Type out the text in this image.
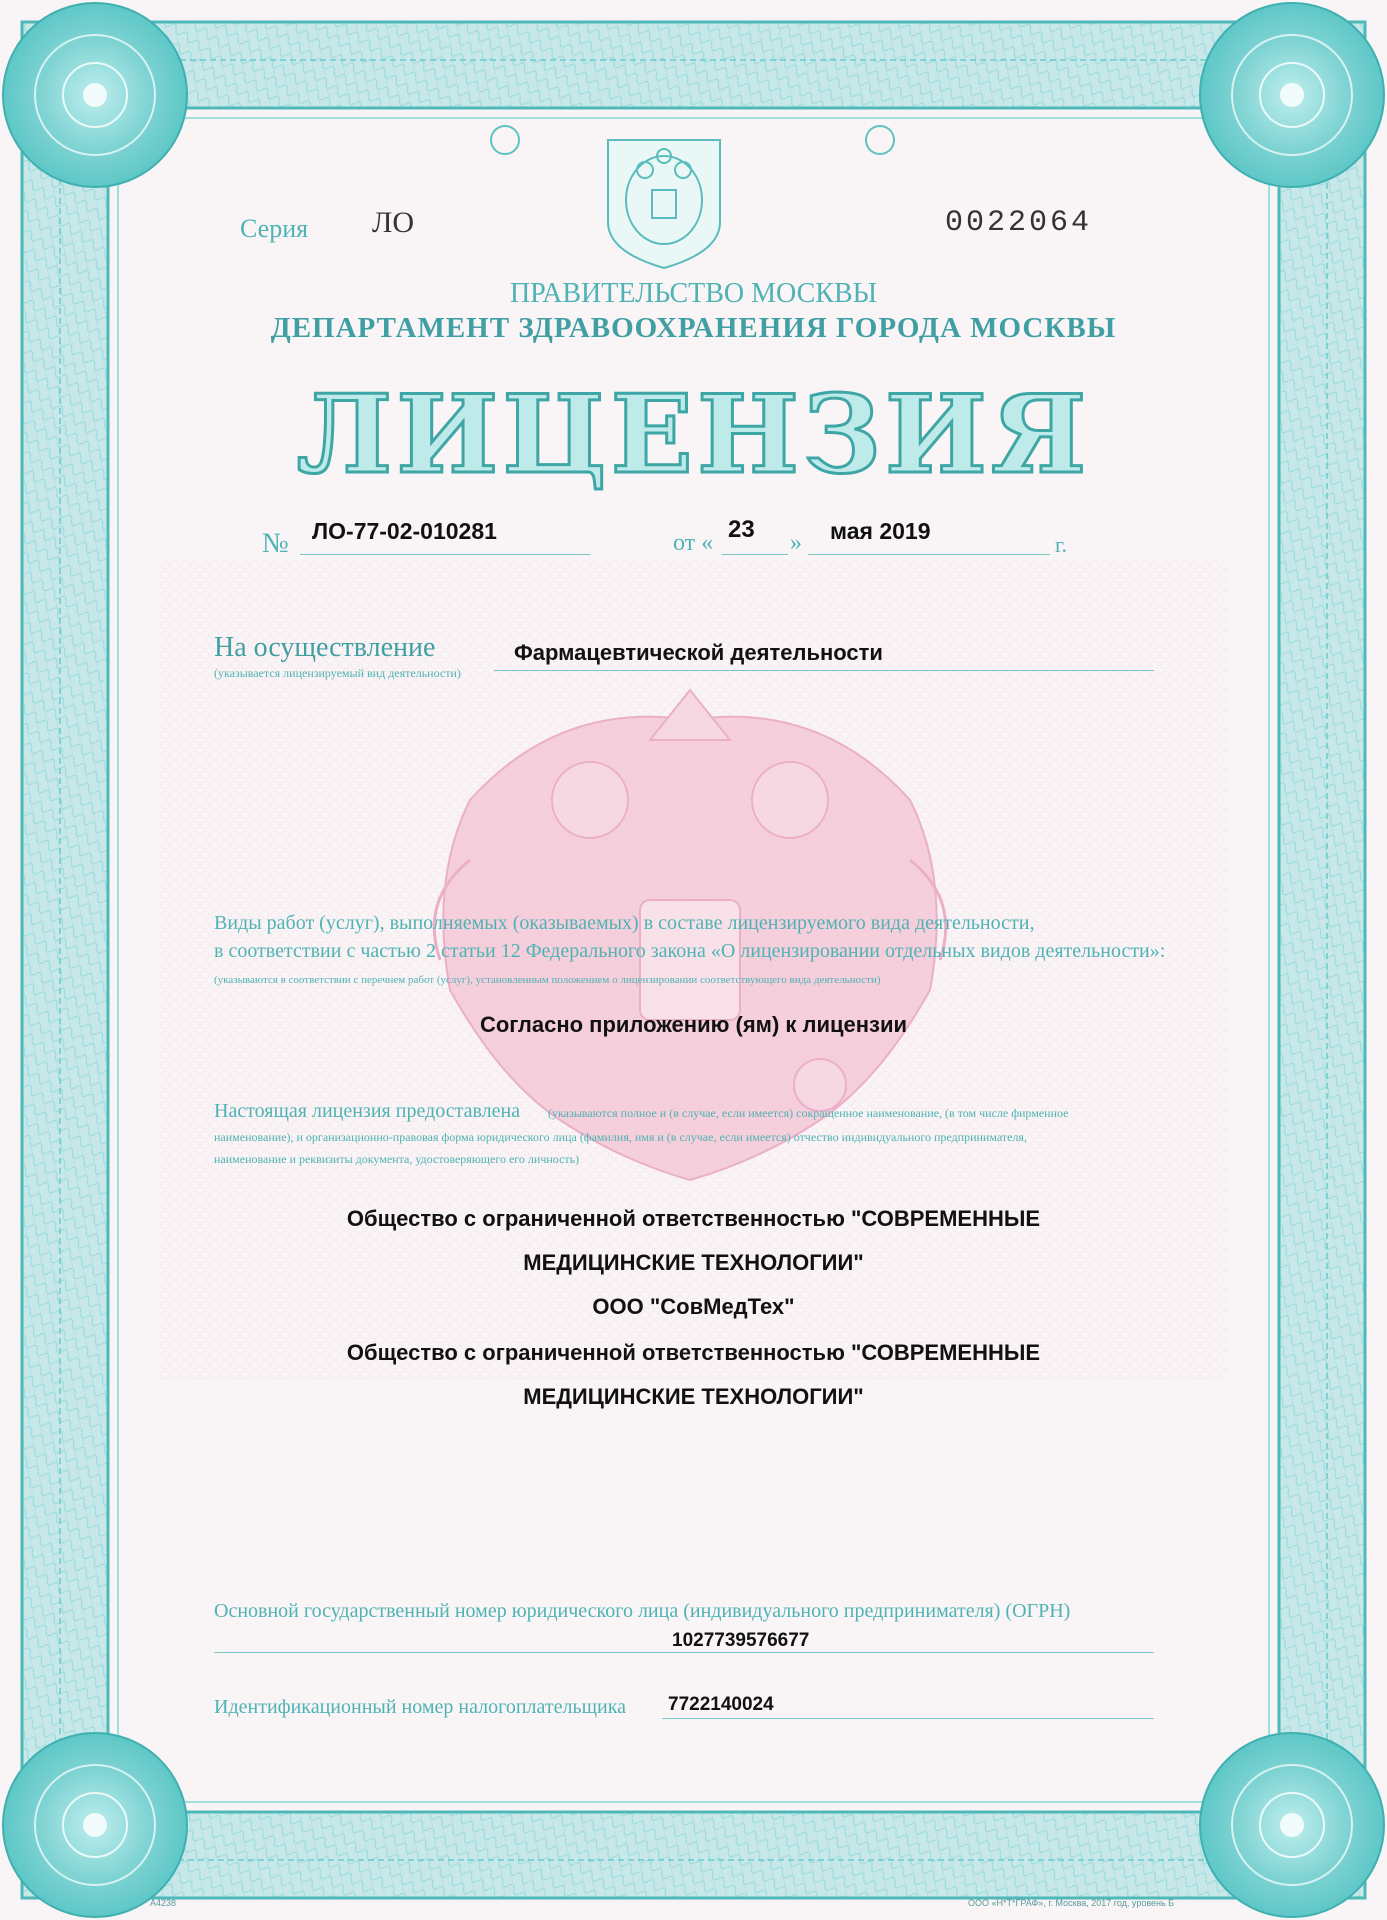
Серия ЛО	0022064
ПРАВИТЕЛЬСТВО МОСКВЫ
ДЕПАРТАМЕНТ ЗДРАВООХРАНЕНИЯ ГОРОДА МОСКВЫ
ЛИЦЕНЗИЯ
№ ЛО-77-02-010281	от « 23 » мая 2019
г.
На осуществление
(указывается лицензируемый вид деятельности)
Фармацевтической деятельности
Виды работ (услуг), выполняемых (оказываемых) в составе лицензируемого вида деятельности,
в соответствии с частью 2 статьи 12 Федерального закона «О лицензировании отдельных видов деятельности»:
(указываются в соответствии с перечнем работ (услуг), установленным положением о лицензировании соответствующего вида деятельности)
Согласно приложению (ям) к лицензии
Настоящая лицензия предоставлена (указываются полное и (в случае, если имеется) сокращенное наименование, (в том числе фирменное
наименование), и организационно-правовая форма юридического лица (фамилия, имя и (в случае, если имеется) отчество индивидуального предпринимателя,
наименование и реквизиты документа, удостоверяющего его личность)
Общество с ограниченной ответственностью "СОВРЕМЕННЫЕ
МЕДИЦИНСКИЕ ТЕХНОЛОГИИ"
ООО "СовМедТех"
Общество с ограниченной ответственностью "СОВРЕМЕННЫЕ
МЕДИЦИНСКИЕ ТЕХНОЛОГИИ"
Основной государственный номер юридического лица (индивидуального предпринимателя) (ОГРН)
1027739576677
Идентификационный номер налогоплательщика 7722140024
А4238	ООО «Н*Т*ГРАФ», г. Москва, 2017 год, уровень Б
